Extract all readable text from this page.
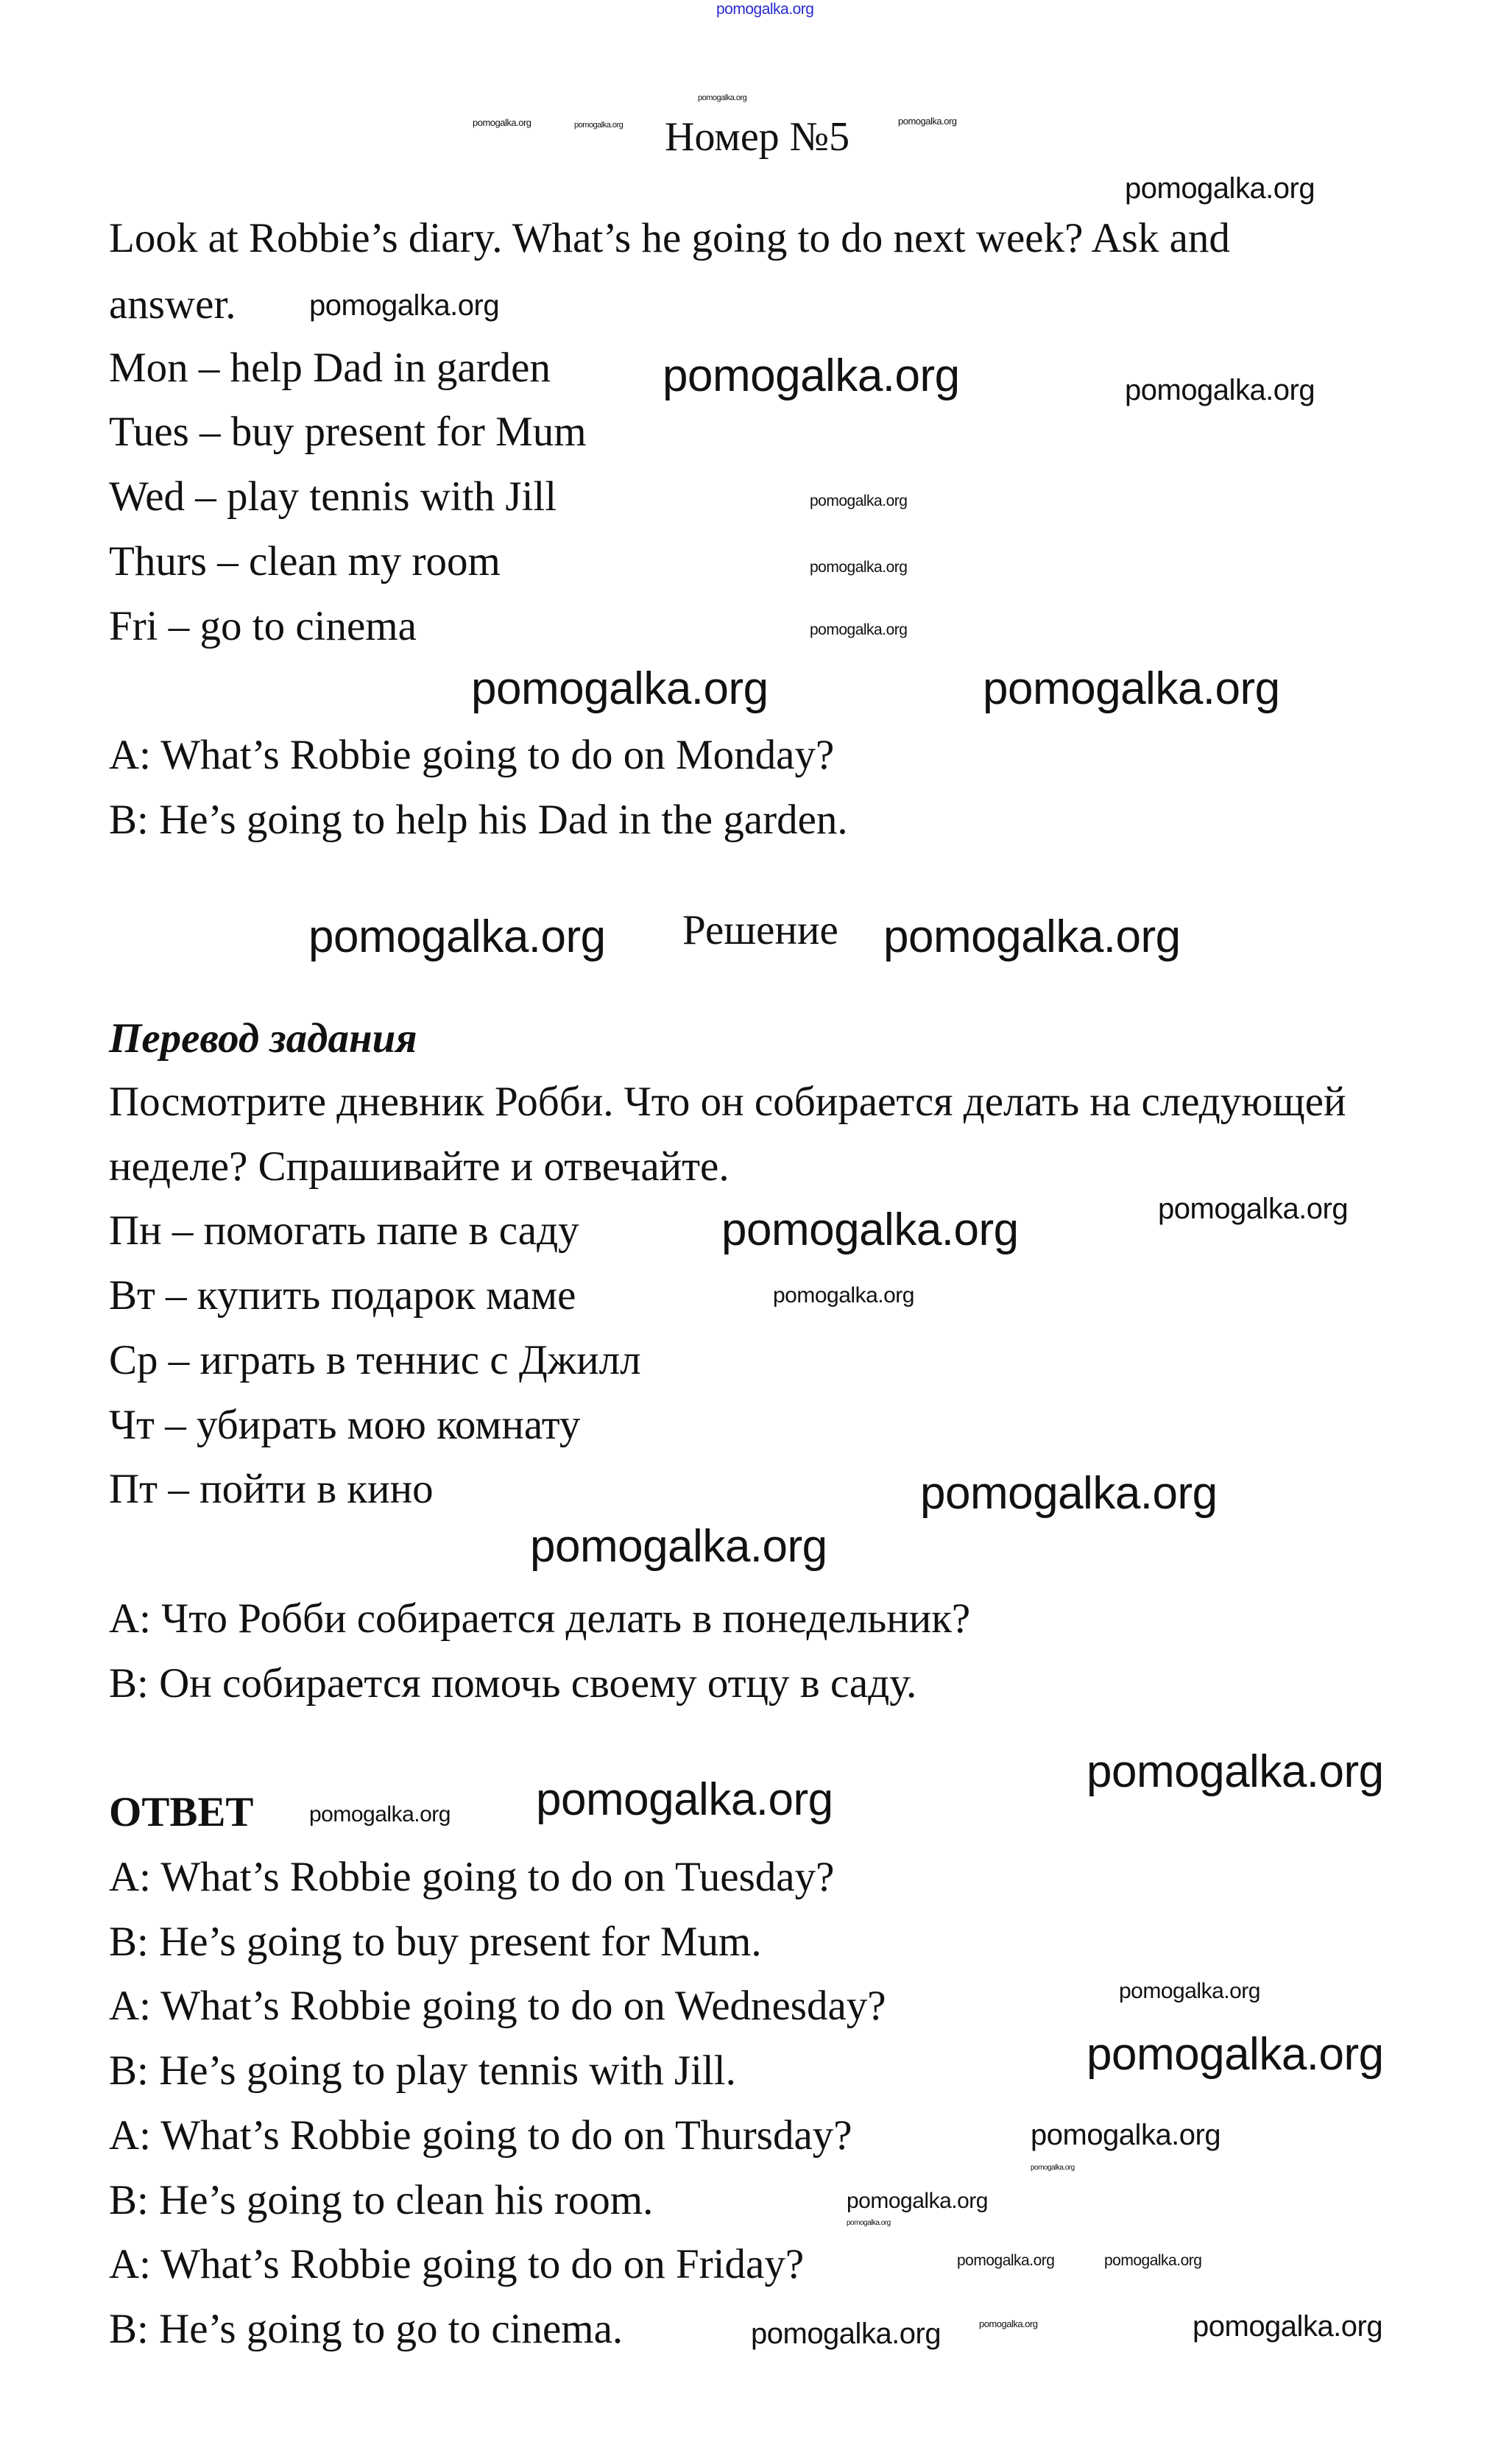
Номер №5
Look at Robbie’s diary. What’s he going to do next week? Ask and
answer.
Mon – help Dad in garden
Tues – buy present for Mum
Wed – play tennis with Jill
Thurs – clean my room
Fri – go to cinema
A: What’s Robbie going to do on Monday?
B: He’s going to help his Dad in the garden.
Решение
Перевод задания
Посмотрите дневник Робби. Что он собирается делать на следующей
неделе? Спрашивайте и отвечайте.
Пн – помогать папе в саду
Вт – купить подарок маме
Ср – играть в теннис с Джилл
Чт – убирать мою комнату
Пт – пойти в кино
A: Что Робби собирается делать в понедельник?
B: Он собирается помочь своему отцу в саду.
ОТВЕТ
A: What’s Robbie going to do on Tuesday?
B: He’s going to buy present for Mum.
A: What’s Robbie going to do on Wednesday?
B: He’s going to play tennis with Jill.
A: What’s Robbie going to do on Thursday?
B: He’s going to clean his room.
A: What’s Robbie going to do on Friday?
B: He’s going to go to cinema.
pomogalka.org
pomogalka.org	pomogalka.org
pomogalka.org
pomogalka.org
pomogalka.org
pomogalka.org
pomogalka.org	pomogalka.org
pomogalka.org
pomogalka.org
pomogalka.org
pomogalka.org	pomogalka.org
pomogalka.org	pomogalka.org
pomogalka.org	pomogalka.org
pomogalka.org
pomogalka.org
pomogalka.org
pomogalka.org
pomogalka.org
pomogalka.org
pomogalka.org
pomogalka.org
pomogalka.org
pomogalka.org
pomogalka.org
pomogalka.org
pomogalka.org	pomogalka.org
pomogalka.org	pomogalka.org	pomogalka.org
